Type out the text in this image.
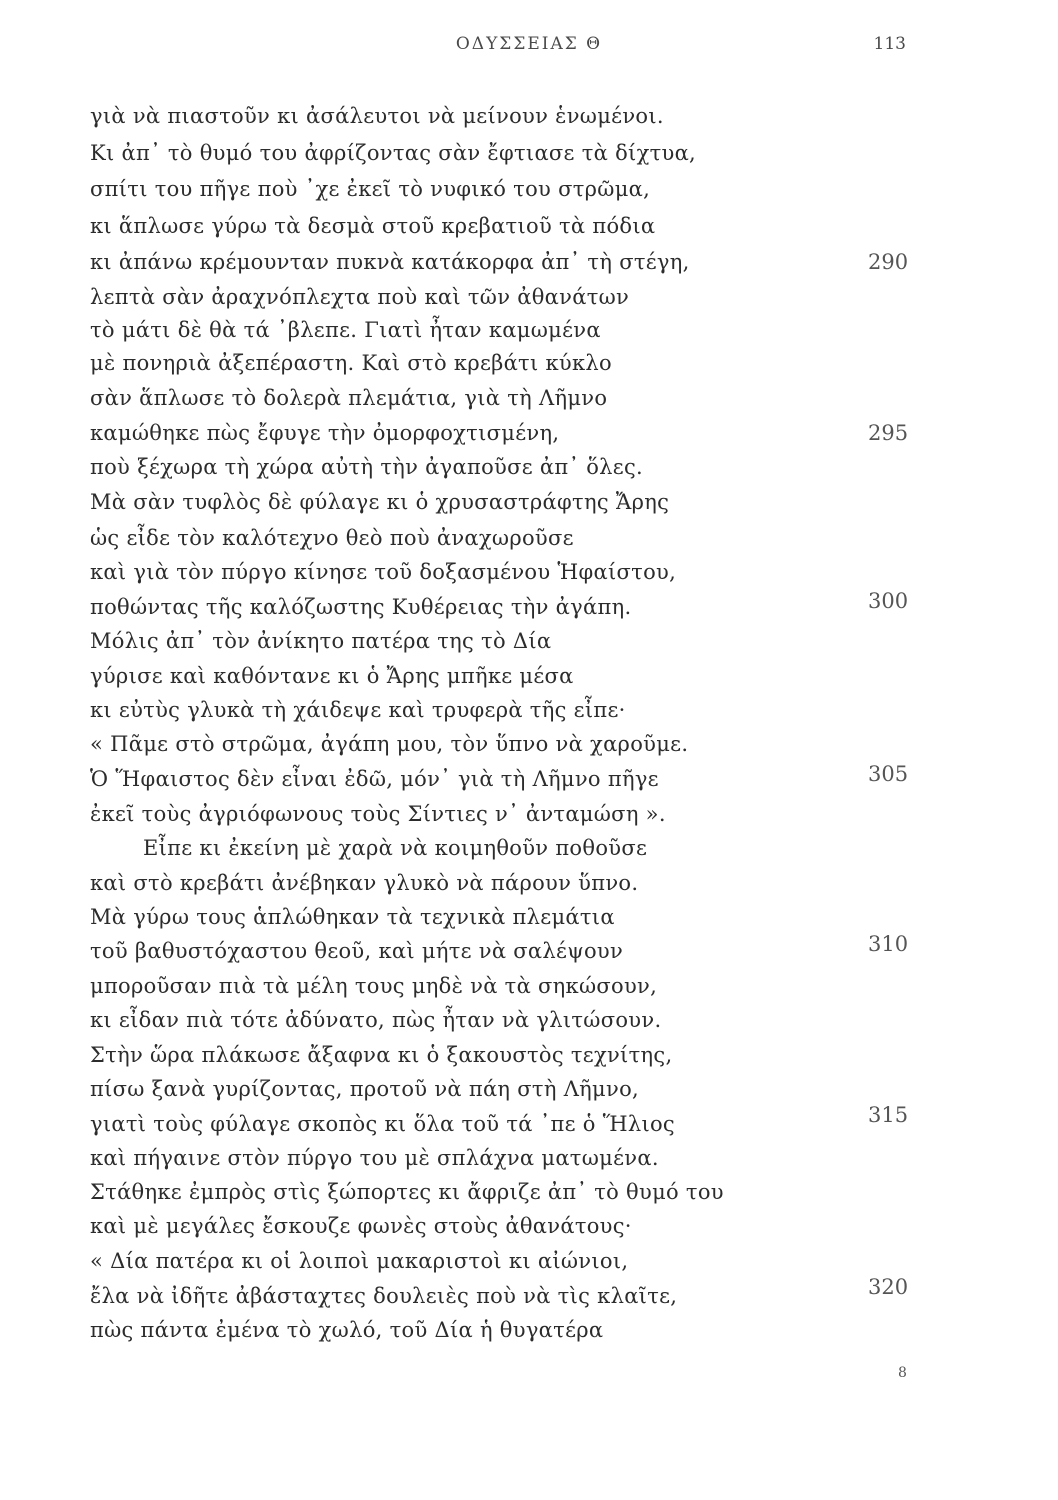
ΟΔΥΣΣΕΙΑΣ Θ	113
γιὰ νὰ πιαστοῦν κι ἀσάλευτοι νὰ μείνουν ἑνωμένοι.
Κι ἀπ᾽ τὸ θυμό του ἀφρίζοντας σὰν ἔφτιασε τὰ δίχτυα,
σπίτι του πῆγε ποὺ ᾽χε ἐκεῖ τὸ νυφικό του στρῶμα,
κι ἅπλωσε γύρω τὰ δεσμὰ στοῦ κρεβατιοῦ τὰ πόδια
κι ἀπάνω κρέμουνταν πυκνὰ κατάκορφα ἀπ᾽ τὴ στέγη,
λεπτὰ σὰν ἀραχνόπλεχτα ποὺ καὶ τῶν ἀθανάτων
τὸ μάτι δὲ θὰ τά ᾽βλεπε. Γιατὶ ἦταν καμωμένα
μὲ πονηριὰ ἀξεπέραστη. Καὶ στὸ κρεβάτι κύκλο
σὰν ἅπλωσε τὸ δολερὰ πλεμάτια, γιὰ τὴ Λῆμνο
καμώθηκε πὼς ἔφυγε τὴν ὀμορφοχτισμένη,
ποὺ ξέχωρα τὴ χώρα αὐτὴ τὴν ἀγαποῦσε ἀπ᾽ ὅλες.
Μὰ σὰν τυφλὸς δὲ φύλαγε κι ὁ χρυσαστράφτης Ἄρης
ὡς εἶδε τὸν καλότεχνο θεὸ ποὺ ἀναχωροῦσε
καὶ γιὰ τὸν πύργο κίνησε τοῦ δοξασμένου Ἡφαίστου,
ποθώντας τῆς καλόζωστης Κυθέρειας τὴν ἀγάπη.
Μόλις ἀπ᾽ τὸν ἀνίκητο πατέρα της τὸ Δία
γύρισε καὶ καθόντανε κι ὁ Ἄρης μπῆκε μέσα
κι εὐτὺς γλυκὰ τὴ χάιδεψε καὶ τρυφερὰ τῆς εἶπε·
« Πᾶμε στὸ στρῶμα, ἀγάπη μου, τὸν ὕπνο νὰ χαροῦμε.
Ὁ Ἥφαιστος δὲν εἶναι ἐδῶ, μόν᾽ γιὰ τὴ Λῆμνο πῆγε
ἐκεῖ τοὺς ἀγριόφωνους τοὺς Σίντιες ν᾽ ἀνταμώση ».
Εἶπε κι ἐκείνη μὲ χαρὰ νὰ κοιμηθοῦν ποθοῦσε
καὶ στὸ κρεβάτι ἀνέβηκαν γλυκὸ νὰ πάρουν ὕπνο.
Μὰ γύρω τους ἁπλώθηκαν τὰ τεχνικὰ πλεμάτια
τοῦ βαθυστόχαστου θεοῦ, καὶ μήτε νὰ σαλέψουν
μποροῦσαν πιὰ τὰ μέλη τους μηδὲ νὰ τὰ σηκώσουν,
κι εἶδαν πιὰ τότε ἀδύνατο, πὼς ἦταν νὰ γλιτώσουν.
Στὴν ὥρα πλάκωσε ἄξαφνα κι ὁ ξακουστὸς τεχνίτης,
πίσω ξανὰ γυρίζοντας, προτοῦ νὰ πάη στὴ Λῆμνο,
γιατὶ τοὺς φύλαγε σκοπὸς κι ὅλα τοῦ τά ᾽πε ὁ Ἥλιος
καὶ πήγαινε στὸν πύργο του μὲ σπλάχνα ματωμένα.
Στάθηκε ἐμπρὸς στὶς ξώπορτες κι ἄφριζε ἀπ᾽ τὸ θυμό του
καὶ μὲ μεγάλες ἔσκουζε φωνὲς στοὺς ἀθανάτους·
« Δία πατέρα κι οἱ λοιποὶ μακαριστοὶ κι αἰώνιοι,
ἔλα νὰ ἰδῆτε ἀβάσταχτες δουλειὲς ποὺ νὰ τὶς κλαῖτε,
πὼς πάντα ἐμένα τὸ χωλό, τοῦ Δία ἡ θυγατέρα
290
295
300
305
310
315
320
8
